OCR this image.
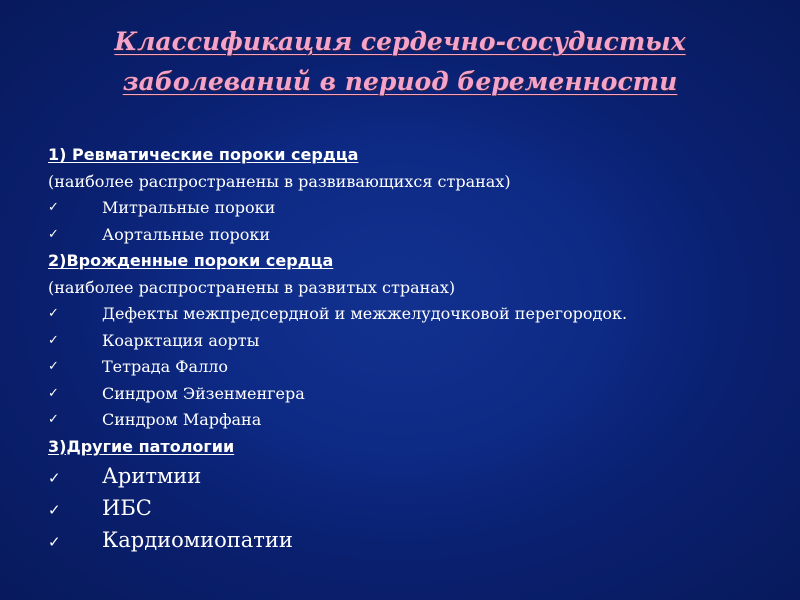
Классификация сердечно-сосудистых
заболеваний в период беременности
1) Ревматические пороки сердца
(наиболее распространены в развивающихся странах)
✓	Митральные пороки
✓	Аортальные пороки
2)Врожденные пороки сердца
(наиболее распространены в развитых странах)
✓	Дефекты межпредсердной и межжелудочковой перегородок.
✓	Коарктация аорты
✓	Тетрада Фалло
✓	Синдром Эйзенменгера
✓	Синдром Марфана
3)Другие патологии
✓ Аритмии
✓ ИБС
✓ Кардиомиопатии
